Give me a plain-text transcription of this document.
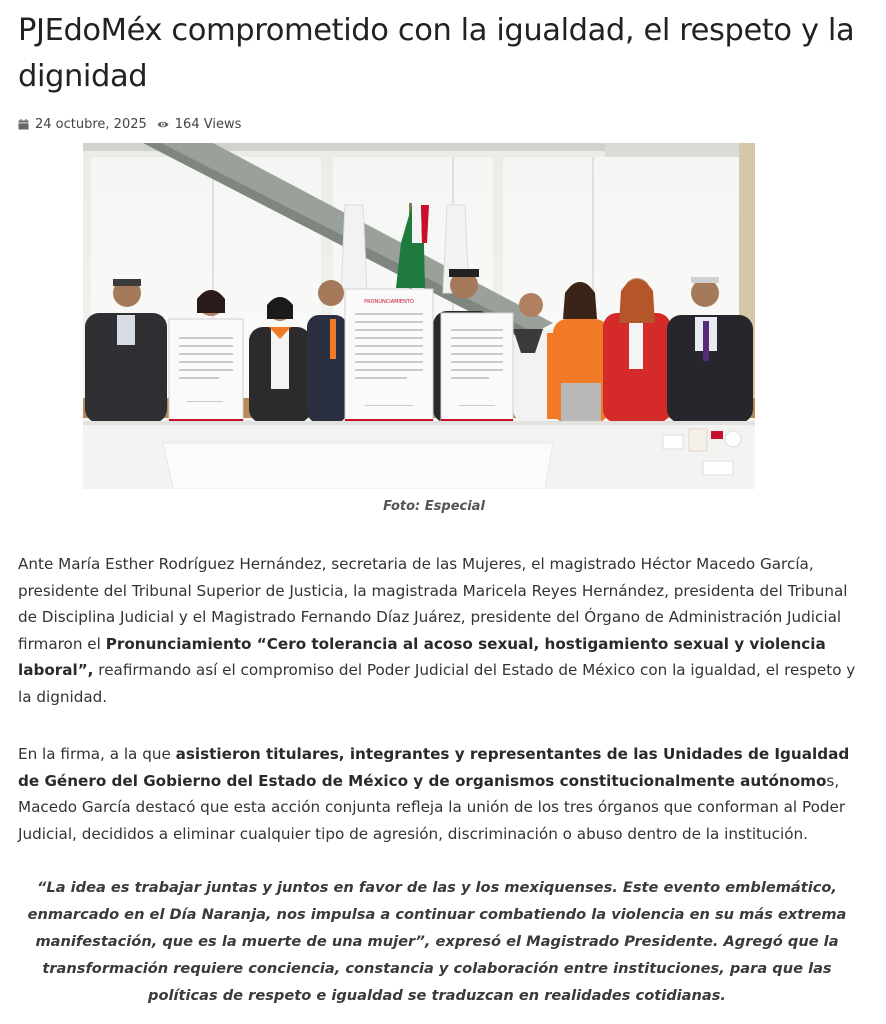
PJEdoMéx comprometido con la igualdad, el respeto y la dignidad
24 octubre, 2025 164 Views
PRONUNCIAMIENTO
Foto: Especial

Ante María Esther Rodríguez Hernández, secretaria de las Mujeres, el magistrado Héctor Macedo García, presidente del Tribunal Superior de Justicia, la magistrada Maricela Reyes Hernández, presidenta del Tribunal de Disciplina Judicial y el Magistrado Fernando Díaz Juárez, presidente del Órgano de Administración Judicial firmaron el Pronunciamiento “Cero tolerancia al acoso sexual, hostigamiento sexual y violencia laboral”, reafirmando así el compromiso del Poder Judicial del Estado de México con la igualdad, el respeto y la dignidad.

En la firma, a la que asistieron titulares, integrantes y representantes de las Unidades de Igualdad de Género del Gobierno del Estado de México y de organismos constitucionalmente autónomos, Macedo García destacó que esta acción conjunta refleja la unión de los tres órganos que conforman al Poder Judicial, decididos a eliminar cualquier tipo de agresión, discriminación o abuso dentro de la institución.

“La idea es trabajar juntas y juntos en favor de las y los mexiquenses. Este evento emblemático, enmarcado en el Día Naranja, nos impulsa a continuar combatiendo la violencia en su más extrema manifestación, que es la muerte de una mujer”, expresó el Magistrado Presidente. Agregó que la transformación requiere conciencia, constancia y colaboración entre instituciones, para que las políticas de respeto e igualdad se traduzcan en realidades cotidianas.
